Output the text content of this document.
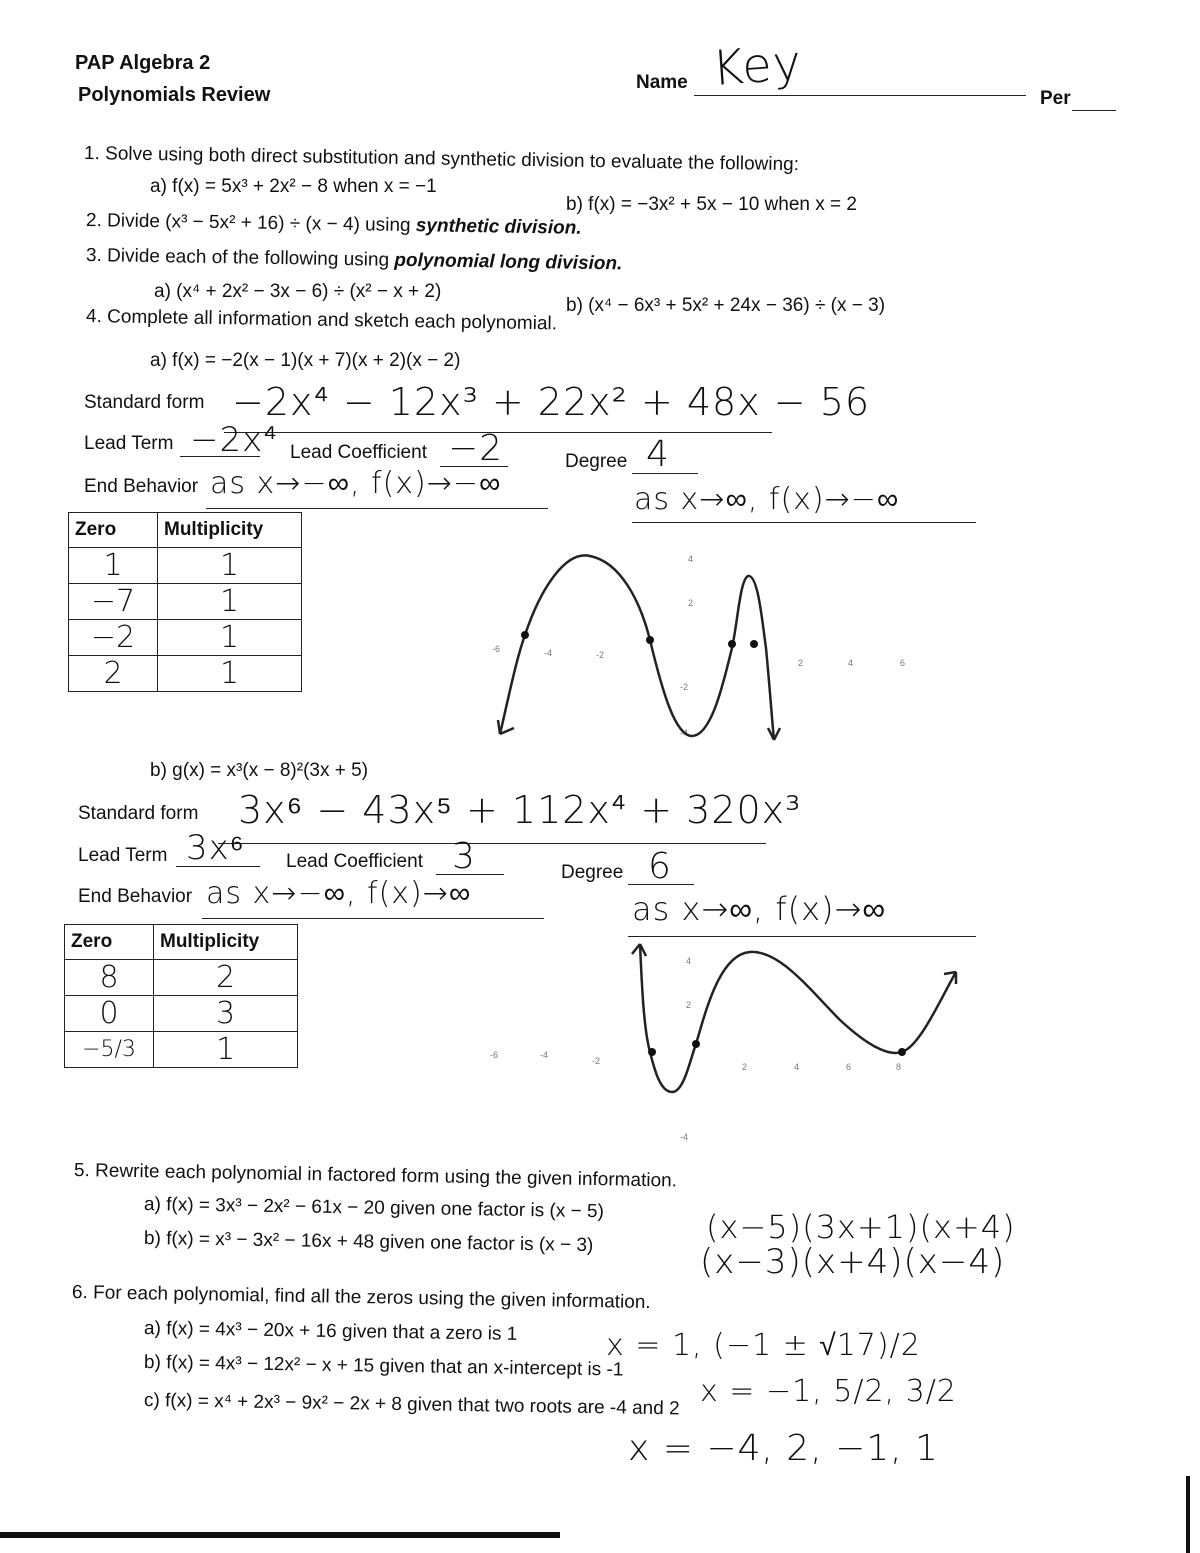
PAP Algebra 2
Polynomials Review
Name Key
Per
1. Solve using both direct substitution and synthetic division to evaluate the following:
a) f(x) = 5x³ + 2x² − 8 when x = −1
b) f(x) = −3x² + 5x − 10 when x = 2
2. Divide (x³ − 5x² + 16) ÷ (x − 4) using synthetic division.
3. Divide each of the following using polynomial long division.
a) (x⁴ + 2x² − 3x − 6) ÷ (x² − x + 2)
b) (x⁴ − 6x³ + 5x² + 24x − 36) ÷ (x − 3)
4. Complete all information and sketch each polynomial.
a) f(x) = −2(x − 1)(x + 7)(x + 2)(x − 2)
Standard form −2x⁴ − 12x³ + 22x² + 48x − 56
Lead Term −2x⁴ Lead Coefficient −2	Degree 4
End Behavior as x→−∞, f(x)→−∞	as x→∞, f(x)→−∞
Zero	Multiplicity
1	1
−7	1
−2	1
2	1
-6	-4	-2
4
2
-2
-4
2	4	6
b) g(x) = x³(x − 8)²(3x + 5)
Standard form 3x⁶ − 43x⁵ + 112x⁴ + 320x³
Lead Term 3x⁶ Lead Coefficient 3	Degree 6
End Behavior as x→−∞, f(x)→∞	as x→∞, f(x)→∞
Zero	Multiplicity
8	2
0	3
−5/3	1	-6	-4
-2
4
2
-4
2	4	6	8
5. Rewrite each polynomial in factored form using the given information.
a) f(x) = 3x³ − 2x² − 61x − 20 given one factor is (x − 5)	(x−5)(3x+1)(x+4)
b) f(x) = x³ − 3x² − 16x + 48 given one factor is (x − 3)	(x−3)(x+4)(x−4)
6. For each polynomial, find all the zeros using the given information.
a) f(x) = 4x³ − 20x + 16 given that a zero is 1	x = 1, (−1 ± √17)/2
b) f(x) = 4x³ − 12x² − x + 15 given that an x-intercept is -1
x = −1, 5/2, 3/2
c) f(x) = x⁴ + 2x³ − 9x² − 2x + 8 given that two roots are -4 and 2
x = −4, 2, −1, 1
